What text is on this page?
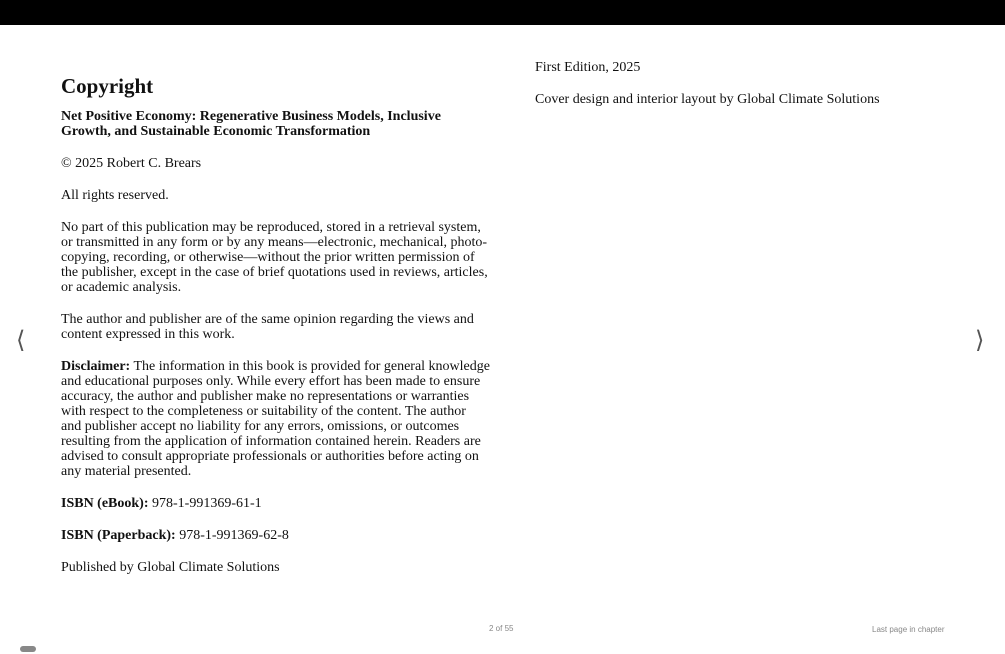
Copyright
Net Positive Economy: Regenerative Business Models, Inclusive
Growth, and Sustainable Economic Transformation
© 2025 Robert C. Brears
All rights reserved.
No part of this publication may be reproduced, stored in a retrieval system,
or transmitted in any form or by any means—electronic, mechanical, photo-
copying, recording, or otherwise—without the prior written permission of
the publisher, except in the case of brief quotations used in reviews, articles,
or academic analysis.
The author and publisher are of the same opinion regarding the views and
content expressed in this work.
Disclaimer: The information in this book is provided for general knowledge
and educational purposes only. While every effort has been made to ensure
accuracy, the author and publisher make no representations or warranties
with respect to the completeness or suitability of the content. The author
and publisher accept no liability for any errors, omissions, or outcomes
resulting from the application of information contained herein. Readers are
advised to consult appropriate professionals or authorities before acting on
any material presented.
ISBN (eBook): 978-1-991369-61-1
ISBN (Paperback): 978-1-991369-62-8
Published by Global Climate Solutions
First Edition, 2025
Cover design and interior layout by Global Climate Solutions
⟨	⟩
2 of 55	Last page in chapter
